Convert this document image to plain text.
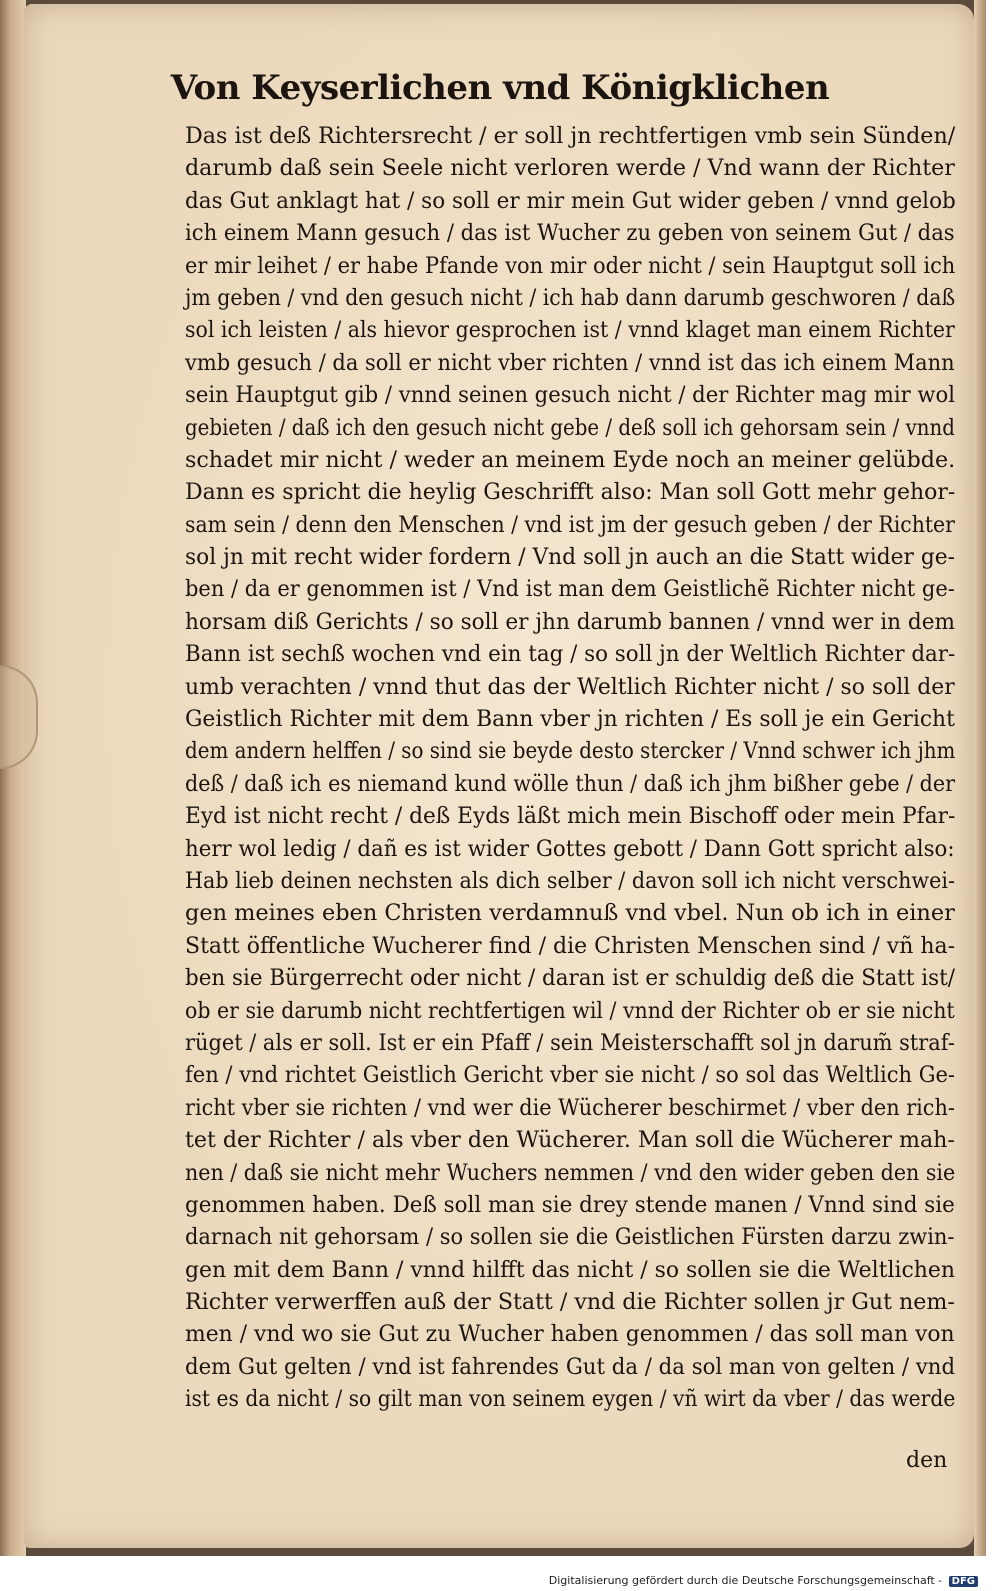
Von Keyserlichen vnd Königklichen
Das ist deß Richtersrecht / er soll jn rechtfertigen vmb sein Sünden/
darumb daß sein Seele nicht verloren werde / Vnd wann der Richter
das Gut anklagt hat / so soll er mir mein Gut wider geben / vnnd gelob
ich einem Mann gesuch / das ist Wucher zu geben von seinem Gut / das
er mir leihet / er habe Pfande von mir oder nicht / sein Hauptgut soll ich
jm geben / vnd den gesuch nicht / ich hab dann darumb geschworen / daß
sol ich leisten / als hievor gesprochen ist / vnnd klaget man einem Richter
vmb gesuch / da soll er nicht vber richten / vnnd ist das ich einem Mann
sein Hauptgut gib / vnnd seinen gesuch nicht / der Richter mag mir wol
gebieten / daß ich den gesuch nicht gebe / deß soll ich gehorsam sein / vnnd
schadet mir nicht / weder an meinem Eyde noch an meiner gelübde.
Dann es spricht die heylig Geschrifft also: Man soll Gott mehr gehor-
sam sein / denn den Menschen / vnd ist jm der gesuch geben / der Richter
sol jn mit recht wider fordern / Vnd soll jn auch an die Statt wider ge-
ben / da er genommen ist / Vnd ist man dem Geistlichẽ Richter nicht ge-
horsam diß Gerichts / so soll er jhn darumb bannen / vnnd wer in dem
Bann ist sechß wochen vnd ein tag / so soll jn der Weltlich Richter dar-
umb verachten / vnnd thut das der Weltlich Richter nicht / so soll der
Geistlich Richter mit dem Bann vber jn richten / Es soll je ein Gericht
dem andern helffen / so sind sie beyde desto stercker / Vnnd schwer ich jhm
deß / daß ich es niemand kund wölle thun / daß ich jhm bißher gebe / der
Eyd ist nicht recht / deß Eyds läßt mich mein Bischoff oder mein Pfar-
herr wol ledig / dañ es ist wider Gottes gebott / Dann Gott spricht also:
Hab lieb deinen nechsten als dich selber / davon soll ich nicht verschwei-
gen meines eben Christen verdamnuß vnd vbel. Nun ob ich in einer
Statt öffentliche Wucherer find / die Christen Menschen sind / vñ ha-
ben sie Bürgerrecht oder nicht / daran ist er schuldig deß die Statt ist/
ob er sie darumb nicht rechtfertigen wil / vnnd der Richter ob er sie nicht
rüget / als er soll. Ist er ein Pfaff / sein Meisterschafft sol jn darum̃ straf-
fen / vnd richtet Geistlich Gericht vber sie nicht / so sol das Weltlich Ge-
richt vber sie richten / vnd wer die Wücherer beschirmet / vber den rich-
tet der Richter / als vber den Wücherer. Man soll die Wücherer mah-
nen / daß sie nicht mehr Wuchers nemmen / vnd den wider geben den sie
genommen haben. Deß soll man sie drey stende manen / Vnnd sind sie
darnach nit gehorsam / so sollen sie die Geistlichen Fürsten darzu zwin-
gen mit dem Bann / vnnd hilfft das nicht / so sollen sie die Weltlichen
Richter verwerffen auß der Statt / vnd die Richter sollen jr Gut nem-
men / vnd wo sie Gut zu Wucher haben genommen / das soll man von
dem Gut gelten / vnd ist fahrendes Gut da / da sol man von gelten / vnd
ist es da nicht / so gilt man von seinem eygen / vñ wirt da vber / das werde
den
Digitalisierung gefördert durch die Deutsche Forschungsgemeinschaft - DFG
